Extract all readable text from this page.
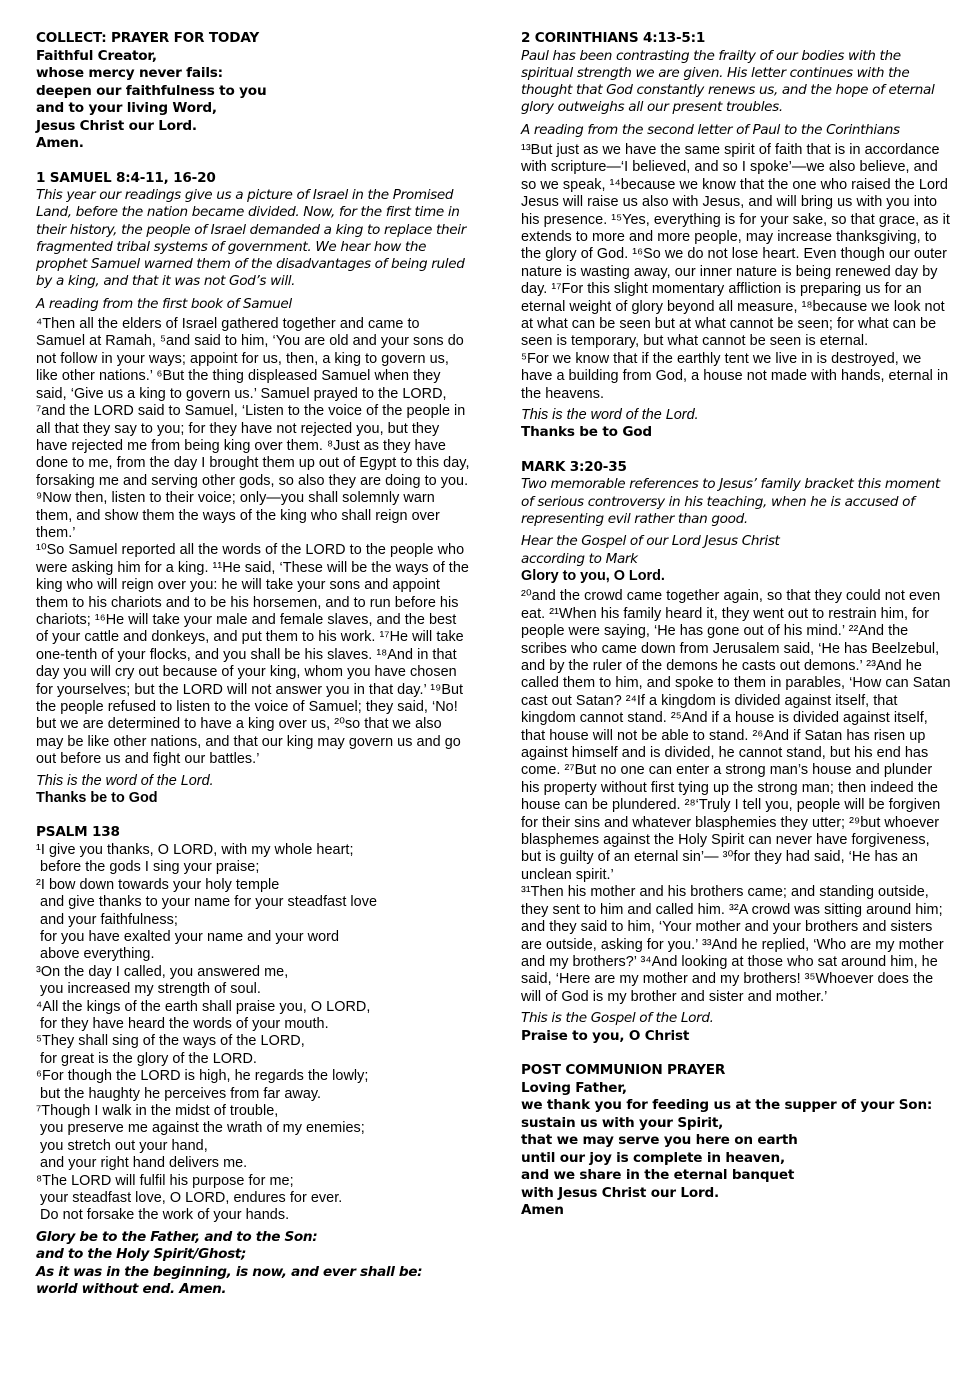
COLLECT: PRAYER FOR TODAY
Faithful Creator,
whose mercy never fails:
deepen our faithfulness to you
and to your living Word,
Jesus Christ our Lord.
Amen.
1 SAMUEL 8:4-11, 16-20

This year our readings give us a picture of Israel in the Promised Land, before the nation became divided. Now, for the first time in their history, the people of Israel demanded a king to replace their fragmented tribal systems of government. We hear how the prophet Samuel warned them of the disadvantages of being ruled by a king, and that it was not God’s will.

A reading from the first book of Samuel

⁴Then all the elders of Israel gathered together and came to Samuel at Ramah, ⁵and said to him, ‘You are old and your sons do not follow in your ways; appoint for us, then, a king to govern us, like other nations.’ ⁶But the thing displeased Samuel when they said, ‘Give us a king to govern us.’ Samuel prayed to the LORD, ⁷and the LORD said to Samuel, ‘Listen to the voice of the people in all that they say to you; for they have not rejected you, but they have rejected me from being king over them. ⁸Just as they have done to me, from the day I brought them up out of Egypt to this day, forsaking me and serving other gods, so also they are doing to you. ⁹Now then, listen to their voice; only—you shall solemnly warn them, and show them the ways of the king who shall reign over them.’

¹⁰So Samuel reported all the words of the LORD to the people who were asking him for a king. ¹¹He said, ‘These will be the ways of the king who will reign over you: he will take your sons and appoint them to his chariots and to be his horsemen, and to run before his chariots; ¹⁶He will take your male and female slaves, and the best of your cattle and donkeys, and put them to his work. ¹⁷He will take one-tenth of your flocks, and you shall be his slaves. ¹⁸And in that day you will cry out because of your king, whom you have chosen for yourselves; but the LORD will not answer you in that day.’ ¹⁹But the people refused to listen to the voice of Samuel; they said, ‘No! but we are determined to have a king over us, ²⁰so that we also may be like other nations, and that our king may govern us and go out before us and fight our battles.’

This is the word of the Lord.

Thanks be to God

PSALM 138
¹I give you thanks, O LORD, with my whole heart;
before the gods I sing your praise;
²I bow down towards your holy temple
and give thanks to your name for your steadfast love
and your faithfulness;
for you have exalted your name and your word
above everything.
³On the day I called, you answered me,
you increased my strength of soul.
⁴All the kings of the earth shall praise you, O LORD,
for they have heard the words of your mouth.
⁵They shall sing of the ways of the LORD,
for great is the glory of the LORD.
⁶For though the LORD is high, he regards the lowly;
but the haughty he perceives from far away.
⁷Though I walk in the midst of trouble,
you preserve me against the wrath of my enemies;
you stretch out your hand,
and your right hand delivers me.
⁸The LORD will fulfil his purpose for me;
your steadfast love, O LORD, endures for ever.
Do not forsake the work of your hands.
Glory be to the Father, and to the Son:
and to the Holy Spirit/Ghost;
As it was in the beginning, is now, and ever shall be:
world without end. Amen.
2 CORINTHIANS 4:13-5:1

Paul has been contrasting the frailty of our bodies with the spiritual strength we are given. His letter continues with the thought that God constantly renews us, and the hope of eternal glory outweighs all our present troubles.

A reading from the second letter of Paul to the Corinthians

¹³But just as we have the same spirit of faith that is in accordance with scripture—‘I believed, and so I spoke’—we also believe, and so we speak, ¹⁴because we know that the one who raised the Lord Jesus will raise us also with Jesus, and will bring us with you into his presence. ¹⁵Yes, everything is for your sake, so that grace, as it extends to more and more people, may increase thanksgiving, to the glory of God. ¹⁶So we do not lose heart. Even though our outer nature is wasting away, our inner nature is being renewed day by day. ¹⁷For this slight momentary affliction is preparing us for an eternal weight of glory beyond all measure, ¹⁸because we look not at what can be seen but at what cannot be seen; for what can be seen is temporary, but what cannot be seen is eternal.

⁵For we know that if the earthly tent we live in is destroyed, we have a building from God, a house not made with hands, eternal in the heavens.

This is the word of the Lord.

Thanks be to God

MARK 3:20-35

Two memorable references to Jesus’ family bracket this moment of serious controversy in his teaching, when he is accused of representing evil rather than good.

Hear the Gospel of our Lord Jesus Christ
according to Mark

Glory to you, O Lord.

²⁰and the crowd came together again, so that they could not even eat. ²¹When his family heard it, they went out to restrain him, for people were saying, ‘He has gone out of his mind.’ ²²And the scribes who came down from Jerusalem said, ‘He has Beelzebul, and by the ruler of the demons he casts out demons.’ ²³And he called them to him, and spoke to them in parables, ‘How can Satan cast out Satan? ²⁴If a kingdom is divided against itself, that kingdom cannot stand. ²⁵And if a house is divided against itself, that house will not be able to stand. ²⁶And if Satan has risen up against himself and is divided, he cannot stand, but his end has come. ²⁷But no one can enter a strong man’s house and plunder his property without first tying up the strong man; then indeed the house can be plundered. ²⁸‘Truly I tell you, people will be forgiven for their sins and whatever blasphemies they utter; ²⁹but whoever blasphemes against the Holy Spirit can never have forgiveness, but is guilty of an eternal sin’— ³⁰for they had said, ‘He has an unclean spirit.’

³¹Then his mother and his brothers came; and standing outside, they sent to him and called him. ³²A crowd was sitting around him; and they said to him, ‘Your mother and your brothers and sisters are outside, asking for you.’ ³³And he replied, ‘Who are my mother and my brothers?’ ³⁴And looking at those who sat around him, he said, ‘Here are my mother and my brothers! ³⁵Whoever does the will of God is my brother and sister and mother.’

This is the Gospel of the Lord.

Praise to you, O Christ

POST COMMUNION PRAYER
Loving Father,
we thank you for feeding us at the supper of your Son:
sustain us with your Spirit,
that we may serve you here on earth
until our joy is complete in heaven,
and we share in the eternal banquet
with Jesus Christ our Lord.
Amen
